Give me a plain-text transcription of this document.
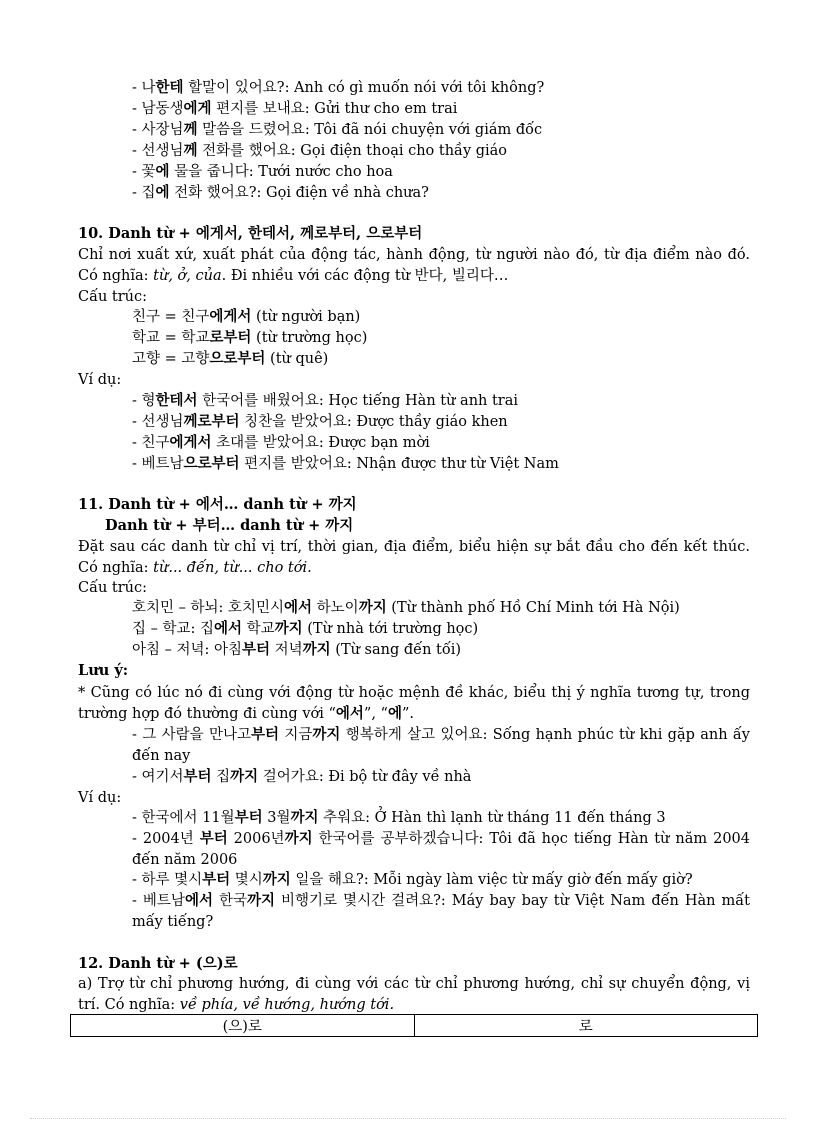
- 나한테 할말이 있어요?: Anh có gì muốn nói với tôi không?
- 남동생에게 편지를 보내요: Gửi thư cho em trai
- 사장님께 말씀을 드렸어요: Tôi đã nói chuyện với giám đốc
- 선생님께 전화를 했어요: Gọi điện thoại cho thầy giáo
- 꽃에 물을 줍니다: Tưới nước cho hoa
- 집에 전화 했어요?: Gọi điện về nhà chưa?
10. Danh từ + 에게서, 한테서, 께로부터, 으로부터
Chỉ nơi xuất xứ, xuất phát của động tác, hành động, từ người nào đó, từ địa điểm nào đó. Có nghĩa: từ, ở, của. Đi nhiều với các động từ 반다, 빌리다…
Cấu trúc:
친구 = 친구에게서 (từ người bạn)
학교 = 학교로부터 (từ trường học)
고향 = 고향으로부터 (từ quê)
Ví dụ:
- 형한테서 한국어를 배웠어요: Học tiếng Hàn từ anh trai
- 선생님께로부터 칭찬을 받았어요: Được thầy giáo khen
- 친구에게서 초대를 받았어요: Được bạn mời
- 베트남으로부터 편지를 받았어요: Nhận được thư từ Việt Nam
11. Danh từ + 에서… danh từ + 까지
Danh từ + 부터… danh từ + 까지
Đặt sau các danh từ chỉ vị trí, thời gian, địa điểm, biểu hiện sự bắt đầu cho đến kết thúc. Có nghĩa: từ... đến, từ... cho tới.
Cấu trúc:
호치민 – 하뇌: 호치민시에서 하노이까지 (Từ thành phố Hồ Chí Minh tới Hà Nội)
집 – 학교: 집에서 학교까지 (Từ nhà tới trường học)
아침 – 저녁: 아침부터 저녁까지 (Từ sang đến tối)
Lưu ý:
* Cũng có lúc nó đi cùng với động từ hoặc mệnh đề khác, biểu thị ý nghĩa tương tự, trong trường hợp đó thường đi cùng với “에서”, “에”.
- 그 사람을 만나고부터 지금까지 행복하게 살고 있어요: Sống hạnh phúc từ khi gặp anh ấy đến nay
- 여기서부터 집까지 걸어가요: Đi bộ từ đây về nhà
Ví dụ:
- 한국에서 11월부터 3월까지 추워요: Ở Hàn thì lạnh từ tháng 11 đến tháng 3
- 2004년 부터 2006년까지 한국어를 공부하겠습니다: Tôi đã học tiếng Hàn từ năm 2004 đến năm 2006
- 하루 몇시부터 몇시까지 일을 해요?: Mỗi ngày làm việc từ mấy giờ đến mấy giờ?
- 베트남에서 한국까지 비행기로 몇시간 걸려요?: Máy bay bay từ Việt Nam đến Hàn mất mấy tiếng?
12. Danh từ + (으)로
a) Trợ từ chỉ phương hướng, đi cùng với các từ chỉ phương hướng, chỉ sự chuyển động, vị trí. Có nghĩa: về phía, về hướng, hướng tới.
(으)로	로
